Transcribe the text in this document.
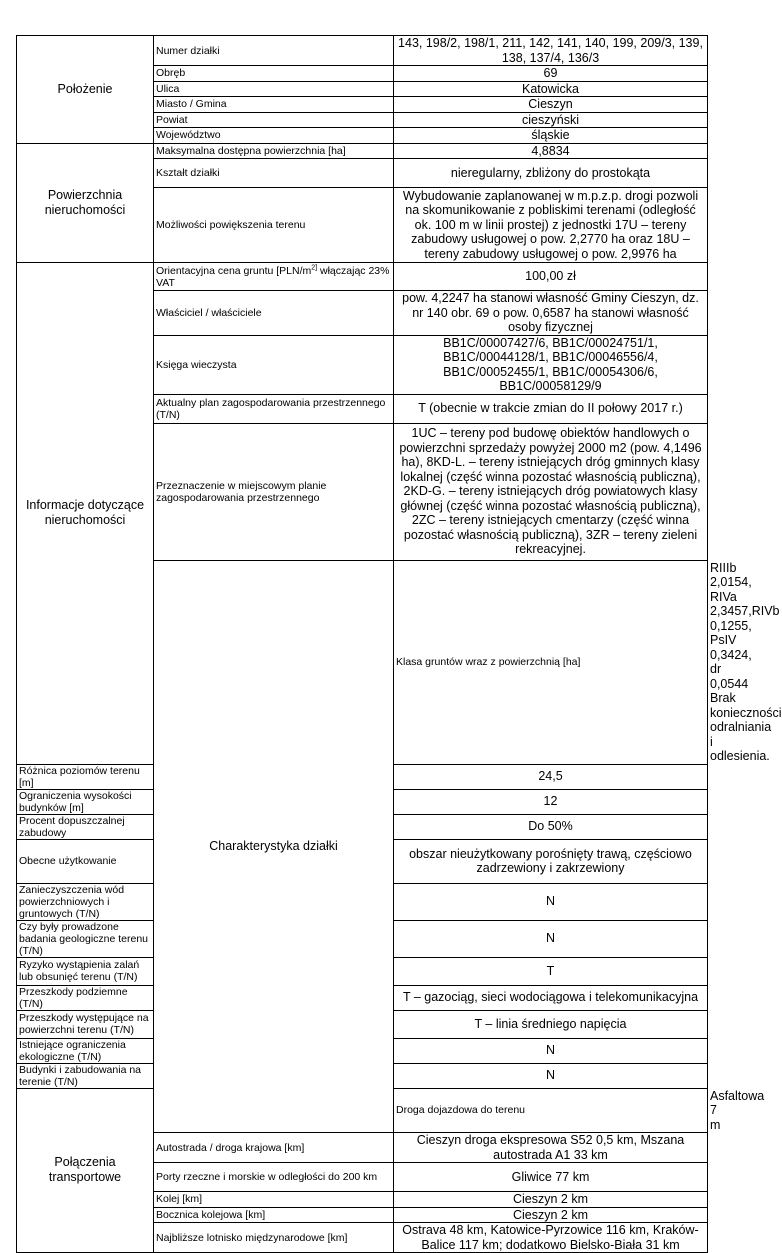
Położenie	Numer działki	143, 198/2, 198/1, 211, 142, 141, 140, 199, 209/3, 139, 138, 137/4, 136/3	
	Obręb	69	
	Ulica	Katowicka	
	Miasto / Gmina	Cieszyn	
	Powiat	cieszyński	
	Województwo	śląskie	
Powierzchnia nieruchomości	Maksymalna dostępna powierzchnia [ha]	4,8834	
	Kształt działki	nieregularny, zbliżony do prostokąta	
	Możliwości powiększenia terenu	Wybudowanie zaplanowanej w m.p.z.p. drogi pozwoli na skomunikowanie z pobliskimi terenami (odległość ok. 100 m w linii prostej) z jednostki 17U – tereny zabudowy usługowej o pow. 2,2770 ha oraz 18U – tereny zabudowy usługowej o pow. 2,9976 ha	
Informacje dotyczące nieruchomości	Orientacyjna cena gruntu [$PLN/m^{2]}$ włączając 23% VAT	100,00 zł	
	Właściciel / właściciele	pow. 4,2247 ha stanowi własność Gminy Cieszyn, dz. nr 140 obr. 69 o pow. 0,6587 ha stanowi własność osoby fizycznej	
	Księga wieczysta	BB1C/00007427/6, BB1C/00024751/1, BB1C/00044128/1, BB1C/00046556/4, BB1C/00052455/1, BB1C/00054306/6, BB1C/00058129/9	
	Aktualny plan zagospodarowania przestrzennego (T/N)	T (obecnie w trakcie zmian do II połowy 2017 r.)	
	Przeznaczenie w miejscowym planie zagospodarowania przestrzennego	1UC – tereny pod budowę obiektów handlowych o powierzchni sprzedaży powyżej 2000 m2 (pow. 4,1496 ha), 8KD-L. – tereny istniejących dróg gminnych klasy lokalnej (część winna pozostać własnością publiczną), 2KD-G. – tereny istniejących dróg powiatowych klasy głównej (część winna pozostać własnością publiczną), 2ZC – tereny istniejących cmentarzy (część winna pozostać własnością publiczną), 3ZR – tereny zieleni rekreacyjnej.	
	Charakterystyka działki	Klasa gruntów wraz z powierzchnią [ha]	RIIIb 2,0154, RIVa 2,3457,RIVb 0,1255, PsIV 0,3424, dr 0,0544 Brak konieczności odralniania i odlesienia.
Różnica poziomów terenu [m]		24,5	
Ograniczenia wysokości budynków [m]		12	
Procent dopuszczalnej zabudowy		Do 50%	
Obecne użytkowanie		obszar nieużytkowany porośnięty trawą, częściowo zadrzewiony i zakrzewiony	
Zanieczyszczenia wód powierzchniowych i gruntowych (T/N)		N	
Czy były prowadzone badania geologiczne terenu (T/N)		N	
Ryzyko wystąpienia zalań lub obsunięć terenu (T/N)		T	
Przeszkody podziemne (T/N)		T – gazociąg, sieci wodociągowa i telekomunikacyjna	
Przeszkody występujące na powierzchni terenu (T/N)		T – linia średniego napięcia	
Istniejące ograniczenia ekologiczne (T/N)		N	
Budynki i zabudowania na terenie (T/N)		N	
Połączenia transportowe		Droga dojazdowa do terenu	Asfaltowa 7 m
	Autostrada / droga krajowa [km]	Cieszyn droga ekspresowa S52 0,5 km, Mszana autostrada A1 33 km	
	Porty rzeczne i morskie w odległości do 200 km	Gliwice 77 km	
	Kolej [km]	Cieszyn 2 km	
	Bocznica kolejowa [km]	Cieszyn 2 km	
	Najbliższe lotnisko międzynarodowe [km]	Ostrava 48 km, Katowice-Pyrzowice 116 km, Kraków-Balice 117 km; dodatkowo Bielsko-Biała 31 km	
